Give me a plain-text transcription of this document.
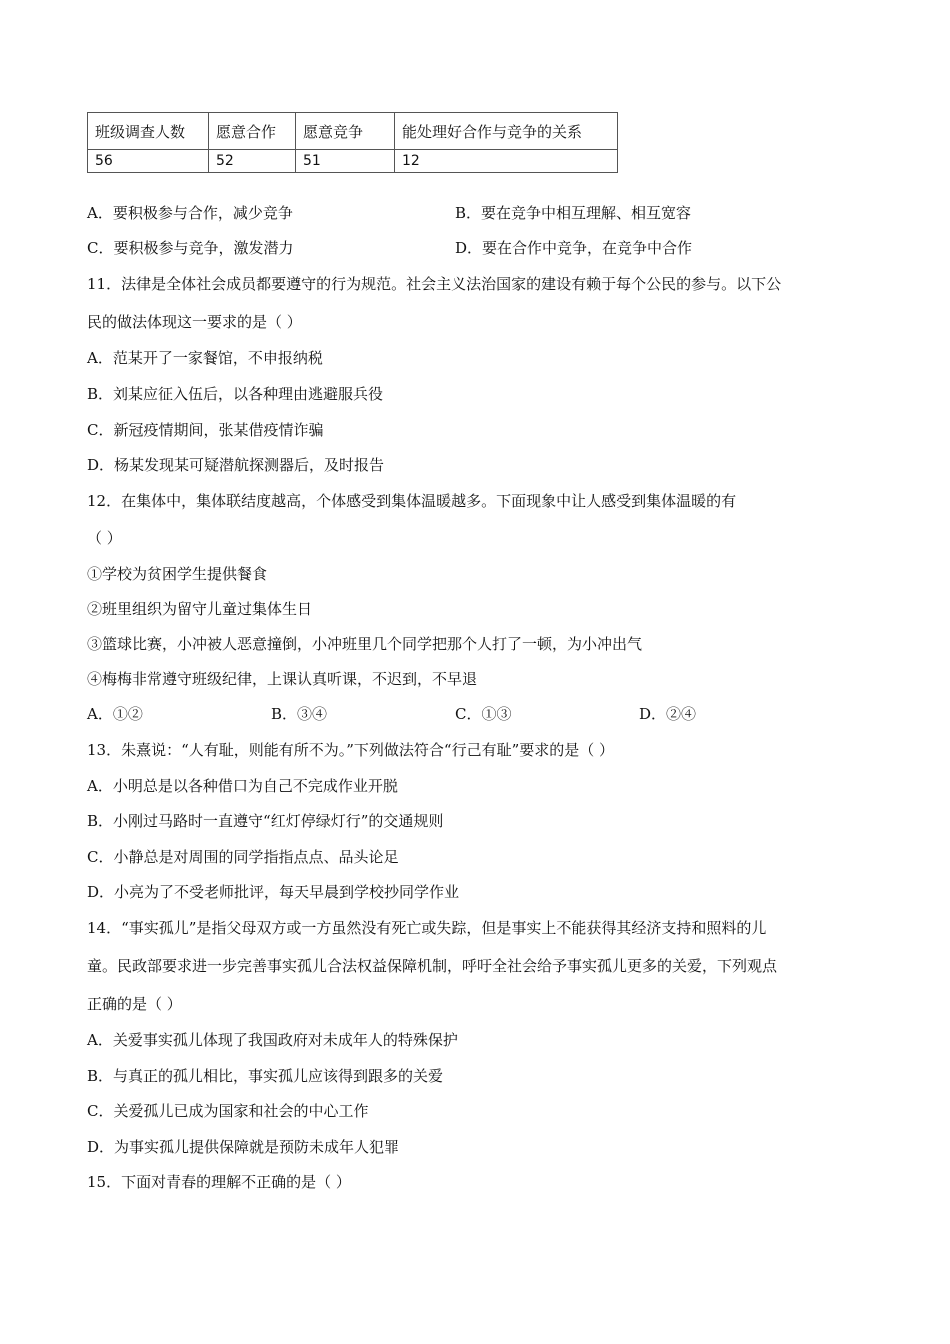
班级调查人数	愿意合作	愿意竞争	能处理好合作与竞争的关系
56	52	51	12
A．要积极参与合作，减少竞争	B．要在竞争中相互理解、相互宽容
C．要积极参与竞争，激发潜力	D．要在合作中竞争，在竞争中合作
11．法律是全体社会成员都要遵守的行为规范。社会主义法治国家的建设有赖于每个公民的参与。以下公
民的做法体现这一要求的是（ ）
A．范某开了一家餐馆，不申报纳税
B．刘某应征入伍后，以各种理由逃避服兵役
C．新冠疫情期间，张某借疫情诈骗
D．杨某发现某可疑潜航探测器后，及时报告
12．在集体中，集体联结度越高，个体感受到集体温暖越多。下面现象中让人感受到集体温暖的有
（ ）
①学校为贫困学生提供餐食
②班里组织为留守儿童过集体生日
③篮球比赛，小冲被人恶意撞倒，小冲班里几个同学把那个人打了一顿，为小冲出气
④梅梅非常遵守班级纪律，上课认真听课，不迟到，不早退
A．①②	B．③④	C．①③	D．②④
13．朱熹说：“人有耻，则能有所不为。”下列做法符合“行己有耻”要求的是（ ）
A．小明总是以各种借口为自己不完成作业开脱
B．小刚过马路时一直遵守“红灯停绿灯行”的交通规则
C．小静总是对周围的同学指指点点、品头论足
D．小亮为了不受老师批评，每天早晨到学校抄同学作业
14．“事实孤儿”是指父母双方或一方虽然没有死亡或失踪，但是事实上不能获得其经济支持和照料的儿
童。民政部要求进一步完善事实孤儿合法权益保障机制，呼吁全社会给予事实孤儿更多的关爱，下列观点
正确的是（ ）
A．关爱事实孤儿体现了我国政府对未成年人的特殊保护
B．与真正的孤儿相比，事实孤儿应该得到跟多的关爱
C．关爱孤儿已成为国家和社会的中心工作
D．为事实孤儿提供保障就是预防未成年人犯罪
15．下面对青春的理解不正确的是（ ）
